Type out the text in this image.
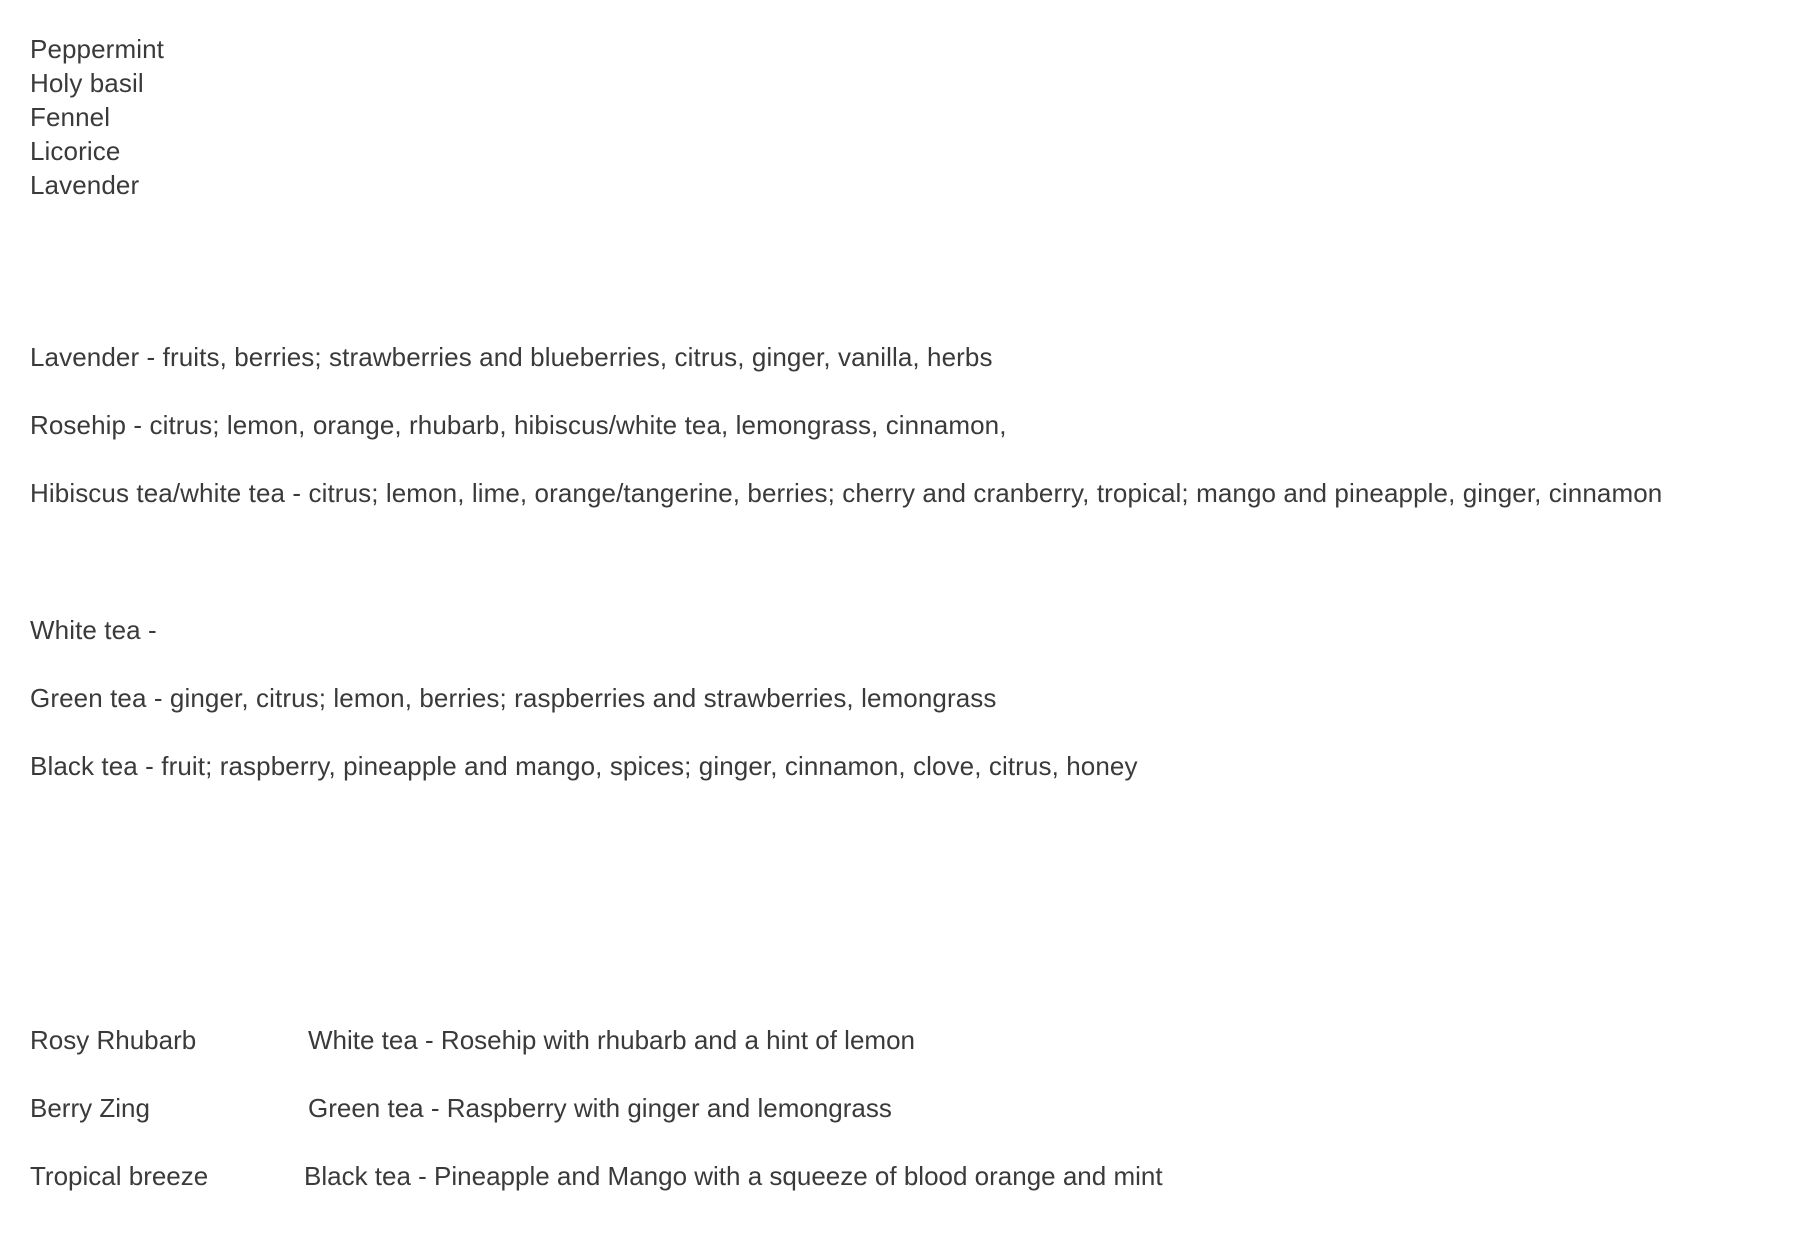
Peppermint
Holy basil
Fennel
Licorice
Lavender
Lavender - fruits, berries; strawberries and blueberries, citrus, ginger, vanilla, herbs
Rosehip - citrus; lemon, orange, rhubarb, hibiscus/white tea, lemongrass, cinnamon,
Hibiscus tea/white tea - citrus; lemon, lime, orange/tangerine, berries; cherry and cranberry, tropical; mango and pineapple, ginger, cinnamon
White tea -
Green tea - ginger, citrus; lemon, berries; raspberries and strawberries, lemongrass
Black tea - fruit; raspberry, pineapple and mango, spices; ginger, cinnamon, clove, citrus, honey
Rosy Rhubarb	White tea - Rosehip with rhubarb and a hint of lemon
Berry Zing	Green tea - Raspberry with ginger and lemongrass
Tropical breeze	Black tea - Pineapple and Mango with a squeeze of blood orange and mint
